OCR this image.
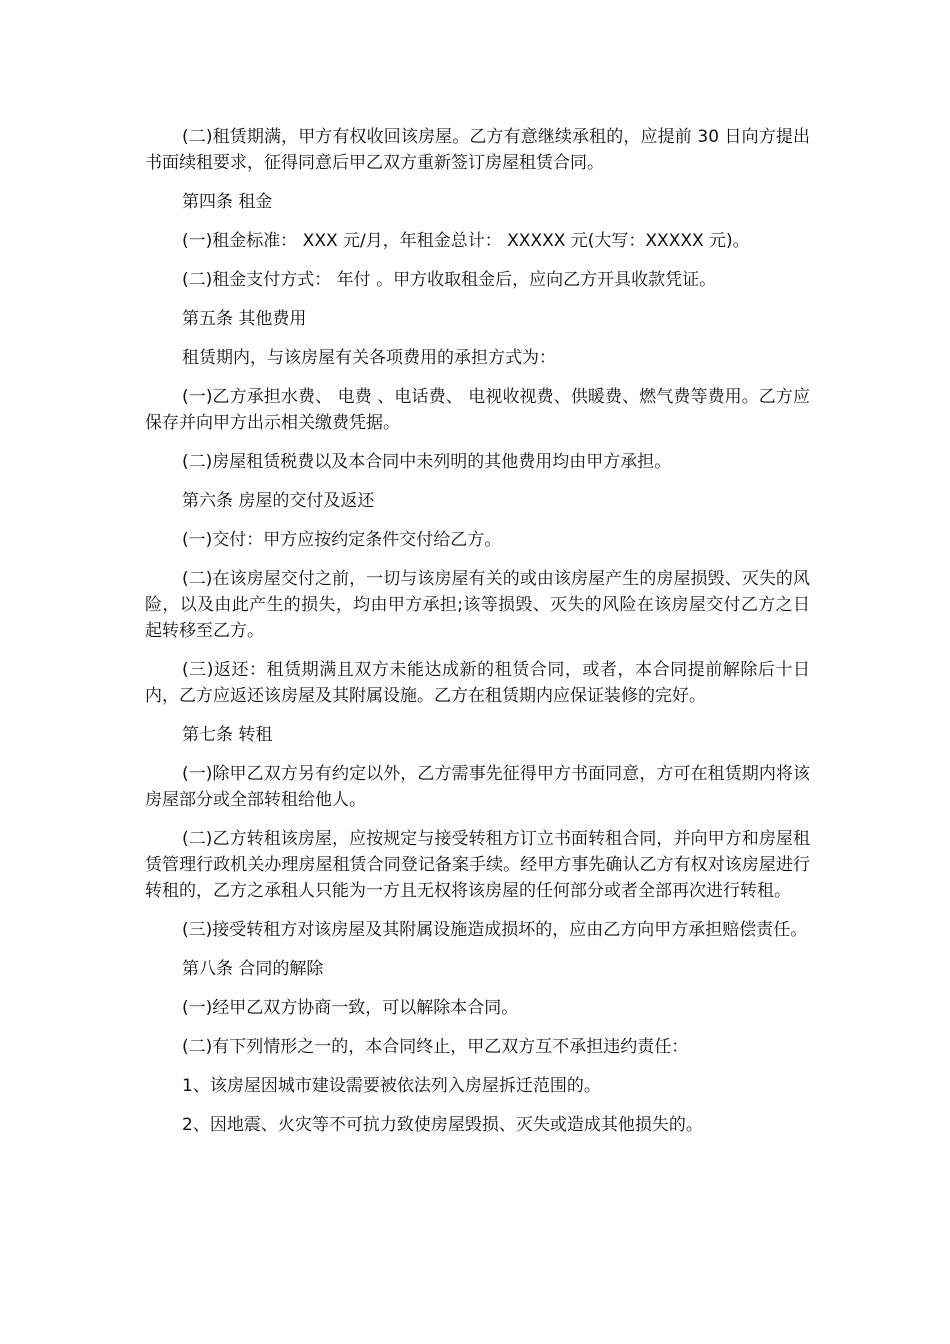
(二)租赁期满，甲方有权收回该房屋。乙方有意继续承租的，应提前 30 日向方提出书面续租要求，征得同意后甲乙双方重新签订房屋租赁合同。

第四条 租金

(一)租金标准： XXX 元/月，年租金总计： XXXXX 元(大写：XXXXX 元)。

(二)租金支付方式： 年付 。甲方收取租金后，应向乙方开具收款凭证。

第五条 其他费用

租赁期内，与该房屋有关各项费用的承担方式为：

(一)乙方承担水费、 电费 、电话费、 电视收视费、供暖费、燃气费等费用。乙方应保存并向甲方出示相关缴费凭据。

(二)房屋租赁税费以及本合同中未列明的其他费用均由甲方承担。

第六条 房屋的交付及返还

(一)交付：甲方应按约定条件交付给乙方。

(二)在该房屋交付之前，一切与该房屋有关的或由该房屋产生的房屋损毁、灭失的风险，以及由此产生的损失，均由甲方承担;该等损毁、灭失的风险在该房屋交付乙方之日起转移至乙方。

(三)返还：租赁期满且双方未能达成新的租赁合同，或者，本合同提前解除后十日内，乙方应返还该房屋及其附属设施。乙方在租赁期内应保证装修的完好。

第七条 转租

(一)除甲乙双方另有约定以外，乙方需事先征得甲方书面同意，方可在租赁期内将该房屋部分或全部转租给他人。

(二)乙方转租该房屋，应按规定与接受转租方订立书面转租合同，并向甲方和房屋租赁管理行政机关办理房屋租赁合同登记备案手续。经甲方事先确认乙方有权对该房屋进行转租的，乙方之承租人只能为一方且无权将该房屋的任何部分或者全部再次进行转租。

(三)接受转租方对该房屋及其附属设施造成损坏的，应由乙方向甲方承担赔偿责任。

第八条 合同的解除

(一)经甲乙双方协商一致，可以解除本合同。

(二)有下列情形之一的，本合同终止，甲乙双方互不承担违约责任：

1、该房屋因城市建设需要被依法列入房屋拆迁范围的。

2、因地震、火灾等不可抗力致使房屋毁损、灭失或造成其他损失的。
